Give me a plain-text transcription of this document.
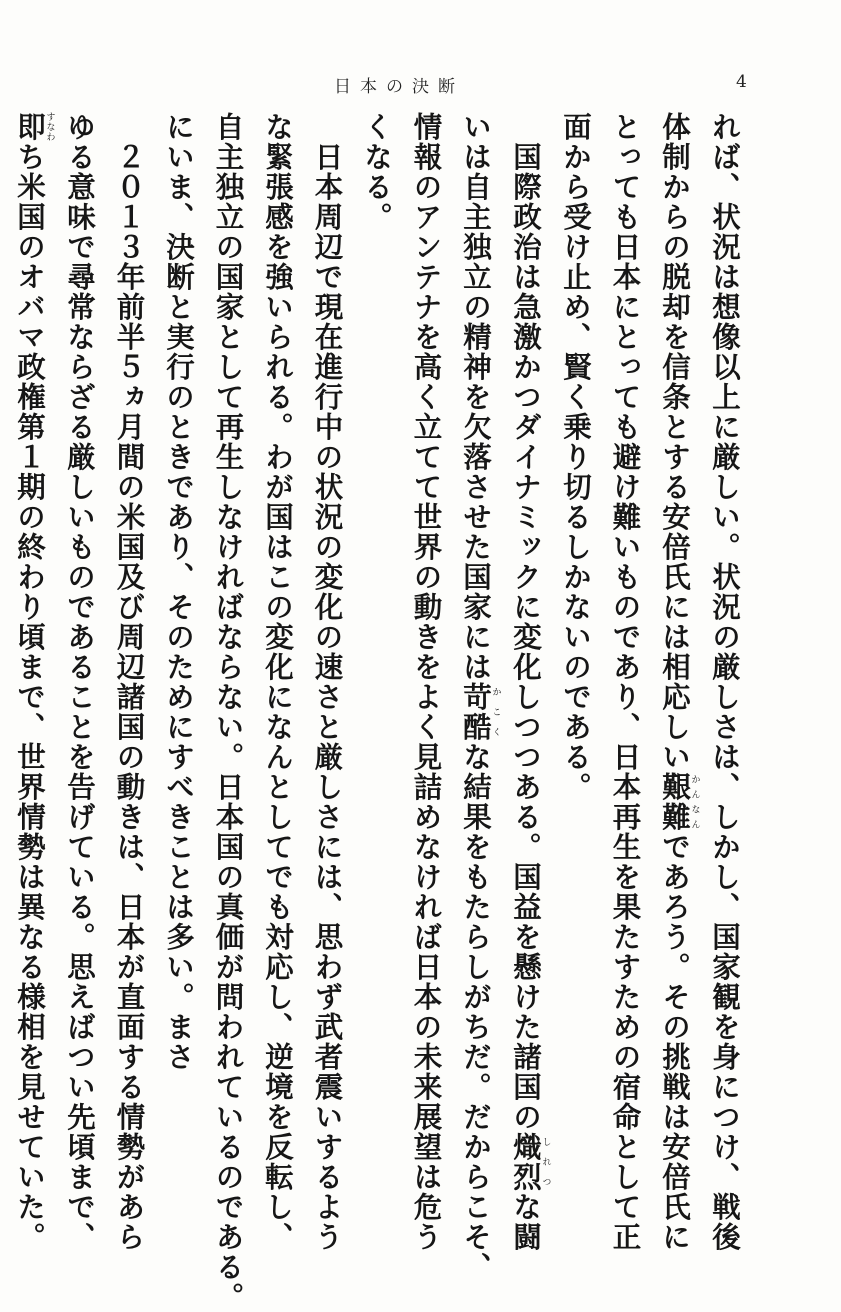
日本の決断	4
れば、状況は想像以上に厳しい。状況の厳しさは、しかし、国家観を身につけ、戦後
体制からの脱却を信条とする安倍氏には相応しい艱難かんなんであろう。その挑戦は安倍氏に
とっても日本にとっても避け難いものであり、日本再生を果たすための宿命として正
面から受け止め、賢く乗り切るしかないのである。
　国際政治は急激かつダイナミックに変化しつつある。国益を懸けた諸国の熾烈しれつな闘
いは自主独立の精神を欠落させた国家には苛酷かこくな結果をもたらしがちだ。だからこそ、
情報のアンテナを高く立てて世界の動きをよく見詰めなければ日本の未来展望は危う
くなる。
　日本周辺で現在進行中の状況の変化の速さと厳しさには、思わず武者震いするよう
な緊張感を強いられる。わが国はこの変化になんとしてでも対応し、逆境を反転し、
自主独立の国家として再生しなければならない。日本国の真価が問われているのである。
にいま、決断と実行のときであり、そのためにすべきことは多い。まさ
　２０１３年前半５ヵ月間の米国及び周辺諸国の動きは、日本が直面する情勢があら
ゆる意味で尋常ならざる厳しいものであることを告げている。思えばつい先頃まで、
即すなわち米国のオバマ政権第１期の終わり頃まで、世界情勢は異なる様相を見せていた。
